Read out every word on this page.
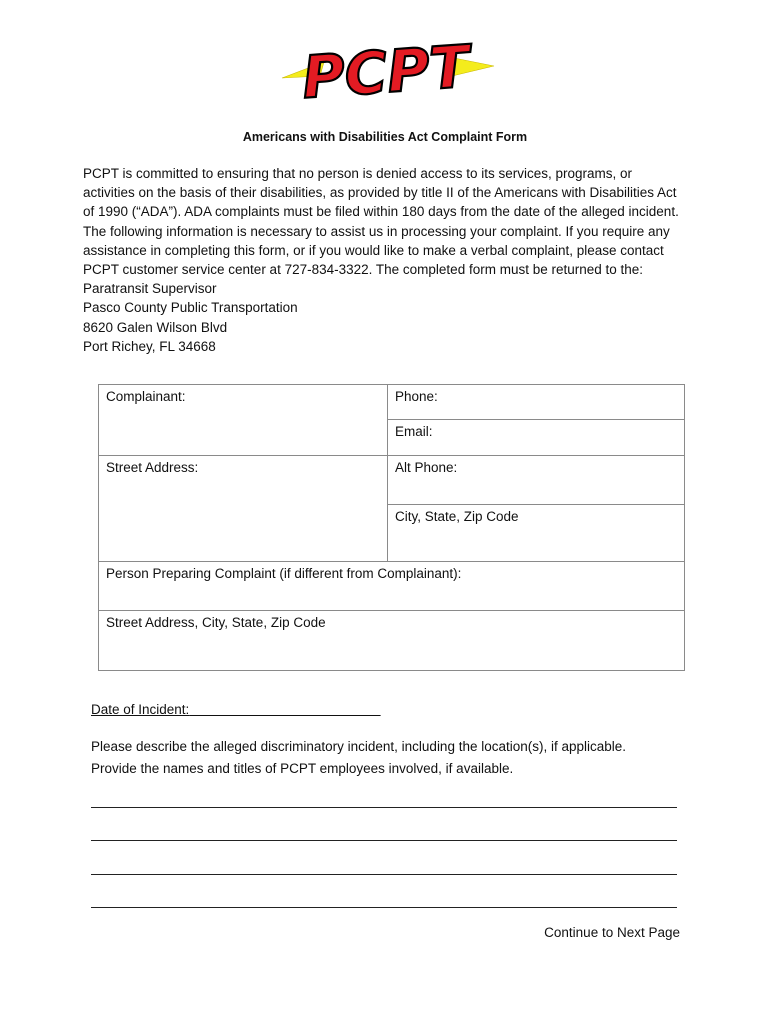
PCPT
Americans with Disabilities Act Complaint Form

PCPT is committed to ensuring that no person is denied access to its services, programs, or activities on the basis of their disabilities, as provided by title II of the Americans with Disabilities Act of 1990 (“ADA”). ADA complaints must be filed within 180 days from the date of the alleged incident. The following information is necessary to assist us in processing your complaint. If you require any assistance in completing this form, or if you would like to make a verbal complaint, please contact PCPT customer service center at 727-834-3322. The completed form must be returned to the:

Paratransit Supervisor
Pasco County Public Transportation
8620 Galen Wilson Blvd
Port Richey, FL 34668
Complainant:	Phone:
	Email:
Street Address:	Alt Phone:
	City, State, Zip Code
Person Preparing Complaint (if different from Complainant):	
Street Address, City, State, Zip Code	
Date of Incident:
Please describe the alleged discriminatory incident, including the location(s), if applicable.
Provide the names and titles of PCPT employees involved, if available.
Continue to Next Page
